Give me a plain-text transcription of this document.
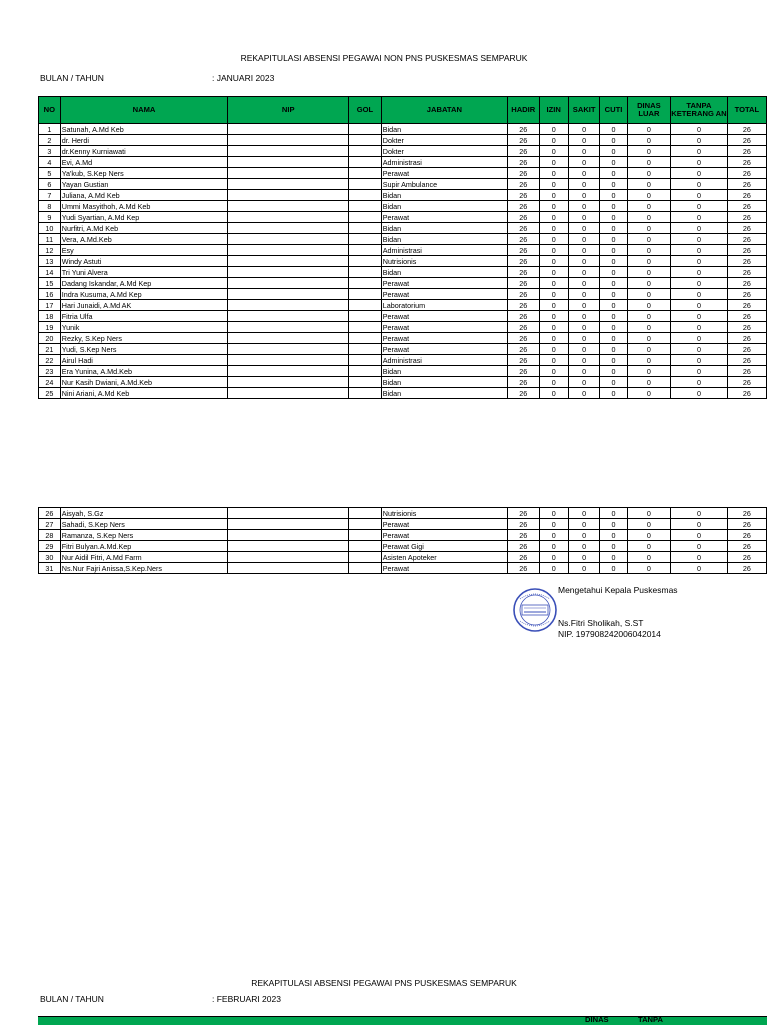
REKAPITULASI ABSENSI PEGAWAI NON PNS PUSKESMAS SEMPARUK
BULAN / TAHUN	: JANUARI 2023
NO	NAMA	NIP	GOL	JABATAN	HADIR	IZIN	SAKIT	CUTI	DINAS LUAR	TANPA KETERANG AN	TOTAL
1	Satunah, A.Md Keb			Bidan	26	0	0	0	0	0	26
2	dr. Herdi			Dokter	26	0	0	0	0	0	26
3	dr.Kenny Kurniawati			Dokter	26	0	0	0	0	0	26
4	Evi, A.Md			Administrasi	26	0	0	0	0	0	26
5	Ya'kub, S.Kep Ners			Perawat	26	0	0	0	0	0	26
6	Yayan Gustian			Supir Ambulance	26	0	0	0	0	0	26
7	Juliana, A.Md Keb			Bidan	26	0	0	0	0	0	26
8	Ummi Masyithoh, A.Md Keb			Bidan	26	0	0	0	0	0	26
9	Yudi Syartian, A.Md Kep			Perawat	26	0	0	0	0	0	26
10	Nurfitri, A.Md Keb			Bidan	26	0	0	0	0	0	26
11	Vera, A.Md.Keb			Bidan	26	0	0	0	0	0	26
12	Esy			Administrasi	26	0	0	0	0	0	26
13	Windy Astuti			Nutrisionis	26	0	0	0	0	0	26
14	Tri Yuni Alvera			Bidan	26	0	0	0	0	0	26
15	Dadang Iskandar, A.Md Kep			Perawat	26	0	0	0	0	0	26
16	Indra Kusuma, A.Md Kep			Perawat	26	0	0	0	0	0	26
17	Hari Junaidi, A.Md AK			Laboratorium	26	0	0	0	0	0	26
18	Fitria Ulfa			Perawat	26	0	0	0	0	0	26
19	Yunik			Perawat	26	0	0	0	0	0	26
20	Rezky, S.Kep Ners			Perawat	26	0	0	0	0	0	26
21	Yudi, S.Kep Ners			Perawat	26	0	0	0	0	0	26
22	Airul Hadi			Administrasi	26	0	0	0	0	0	26
23	Era Yunina, A.Md.Keb			Bidan	26	0	0	0	0	0	26
24	Nur Kasih Dwiani, A.Md.Keb			Bidan	26	0	0	0	0	0	26
25	Nini Ariani, A.Md Keb			Bidan	26	0	0	0	0	0	26
26	Aisyah, S.Gz			Nutrisionis	26	0	0	0	0	0	26
27	Sahadi, S.Kep Ners			Perawat	26	0	0	0	0	0	26
28	Ramanza, S.Kep Ners			Perawat	26	0	0	0	0	0	26
29	Fitri Bulyan.A.Md.Kep			Perawat Gigi	26	0	0	0	0	0	26
30	Nur Aidil Fitri, A.Md Farm			Asisten Apoteker	26	0	0	0	0	0	26
31	Ns.Nur Fajri Anissa,S.Kep.Ners			Perawat	26	0	0	0	0	0	26
Mengetahui Kepala Puskesmas
Ns.Fitri Sholikah, S.ST
NIP. 197908242006042014
REKAPITULASI ABSENSI PEGAWAI PNS PUSKESMAS SEMPARUK
BULAN / TAHUN	: FEBRUARI 2023
DINAS	TANPA
